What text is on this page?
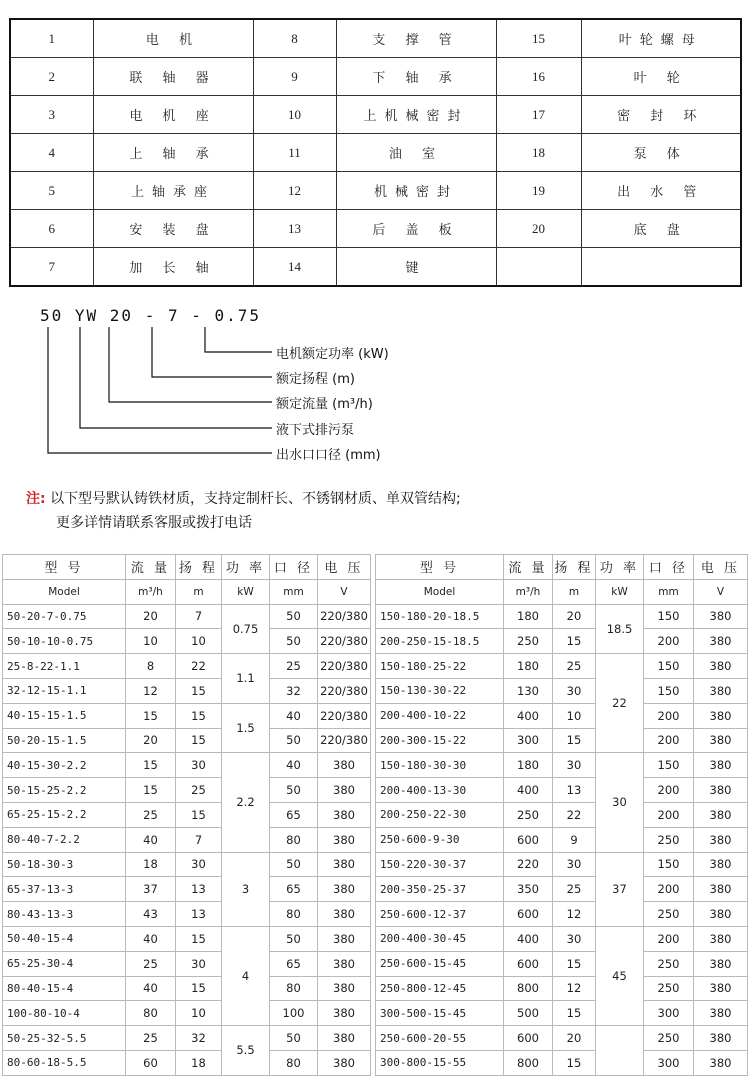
1	电 机	8	支 撑 管	15	叶轮螺母
2	联 轴 器	9	下 轴 承	16	叶 轮
3	电 机 座	10	上机械密封	17	密 封 环
4	上 轴 承	11	油 室	18	泵 体
5	上轴承座	12	机械密封	19	出 水 管
6	安 装 盘	13	后 盖 板	20	底 盘
7	加 长 轴	14	键		
50 YW 20 - 7 - 0.75
电机额定功率 (kW)
额定扬程 (m)
额定流量 (m³/h)
液下式排污泵
出水口口径 (mm)
注: 以下型号默认铸铁材质，支持定制杆长、不锈钢材质、单双管结构;
更多详情请联系客服或拨打电话
型 号	流 量	扬 程	功 率	口 径	电 压
Model	m³/h	m	kW	mm	V
50-20-7-0.75	20	7	0.75	50	220/380
50-10-10-0.75	10	10		50	220/380
25-8-22-1.1	8	22	1.1	25	220/380
32-12-15-1.1	12	15		32	220/380
40-15-15-1.5	15	15	1.5	40	220/380
50-20-15-1.5	20	15		50	220/380
40-15-30-2.2	15	30	2.2	40	380
50-15-25-2.2	15	25		50	380
65-25-15-2.2	25	15		65	380
80-40-7-2.2	40	7		80	380
50-18-30-3	18	30	3	50	380
65-37-13-3	37	13		65	380
80-43-13-3	43	13		80	380
50-40-15-4	40	15	4	50	380
65-25-30-4	25	30		65	380
80-40-15-4	40	15		80	380
100-80-10-4	80	10		100	380
50-25-32-5.5	25	32	5.5	50	380
80-60-18-5.5	60	18		80	380
型 号	流 量	扬 程	功 率	口 径	电 压
Model	m³/h	m	kW	mm	V
150-180-20-18.5	180	20	18.5	150	380
200-250-15-18.5	250	15		200	380
150-180-25-22	180	25	22	150	380
150-130-30-22	130	30		150	380
200-400-10-22	400	10		200	380
200-300-15-22	300	15		200	380
150-180-30-30	180	30	30	150	380
200-400-13-30	400	13		200	380
200-250-22-30	250	22		200	380
250-600-9-30	600	9		250	380
150-220-30-37	220	30	37	150	380
200-350-25-37	350	25		200	380
250-600-12-37	600	12		250	380
200-400-30-45	400	30	45	200	380
250-600-15-45	600	15		250	380
250-800-12-45	800	12		250	380
300-500-15-45	500	15		300	380
250-600-20-55	600	20		250	380
300-800-15-55	800	15		300	380
